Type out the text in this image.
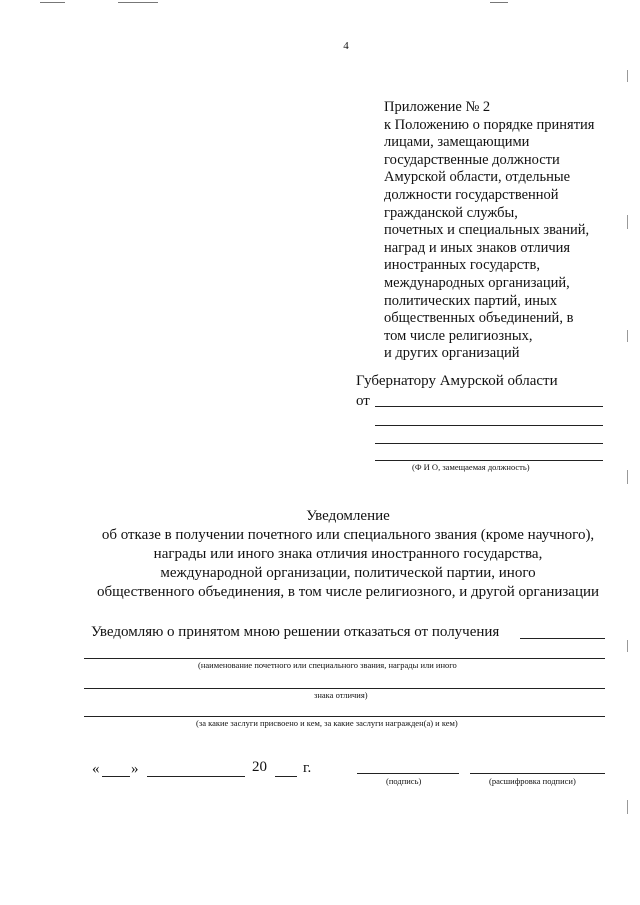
4
Приложение № 2
к Положению о порядке принятия
лицами, замещающими
государственные должности
Амурской области, отдельные
должности государственной
гражданской службы,
почетных и специальных званий,
наград и иных знаков отличия
иностранных государств,
международных организаций,
политических партий, иных
общественных объединений, в
том числе религиозных,
и других организаций
Губернатору Амурской области
от
(Ф И О, замещаемая должность)
Уведомление
об отказе в получении почетного или специального звания (кроме научного),
награды или иного знака отличия иностранного государства,
международной организации, политической партии, иного
общественного объединения, в том числе религиозного, и другой организации
Уведомляю о принятом мною решении отказаться от получения
(наименование почетного или специального звания, награды или иного
знака отличия)
(за какие заслуги присвоено и кем, за какие заслуги награжден(а) и кем)
« »	20 г.
(подпись)	(расшифровка подписи)
